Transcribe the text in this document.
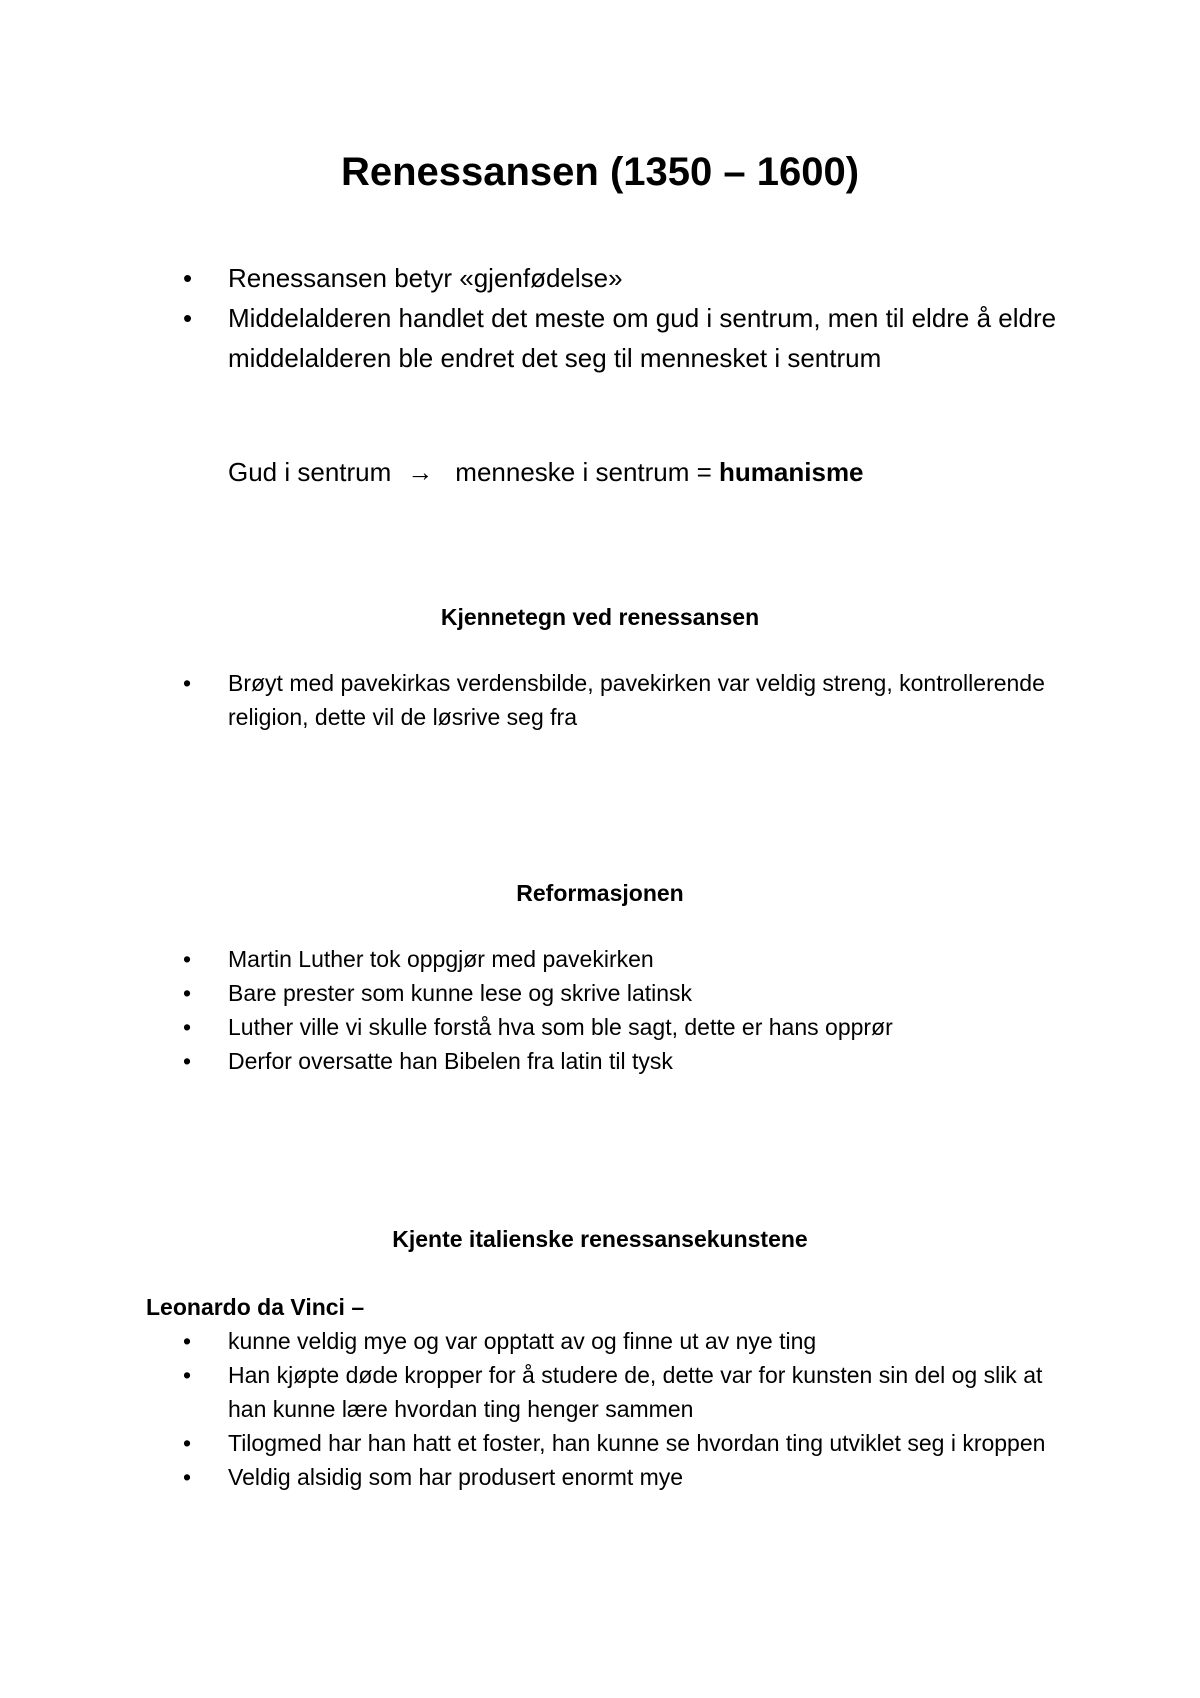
Renessansen (1350 – 1600)
• Renessansen betyr «gjenfødelse»
• Middelalderen handlet det meste om gud i sentrum, men til eldre å eldre middelalderen ble endret det seg til mennesket i sentrum
Gud i sentrum → menneske i sentrum = humanisme
Kjennetegn ved renessansen
• Brøyt med pavekirkas verdensbilde, pavekirken var veldig streng, kontrollerende religion, dette vil de løsrive seg fra
Reformasjonen
• Martin Luther tok oppgjør med pavekirken
• Bare prester som kunne lese og skrive latinsk
• Luther ville vi skulle forstå hva som ble sagt, dette er hans opprør
• Derfor oversatte han Bibelen fra latin til tysk
Kjente italienske renessansekunstene
Leonardo da Vinci –
• kunne veldig mye og var opptatt av og finne ut av nye ting
• Han kjøpte døde kropper for å studere de, dette var for kunsten sin del og slik at han kunne lære hvordan ting henger sammen
• Tilogmed har han hatt et foster, han kunne se hvordan ting utviklet seg i kroppen
• Veldig alsidig som har produsert enormt mye
